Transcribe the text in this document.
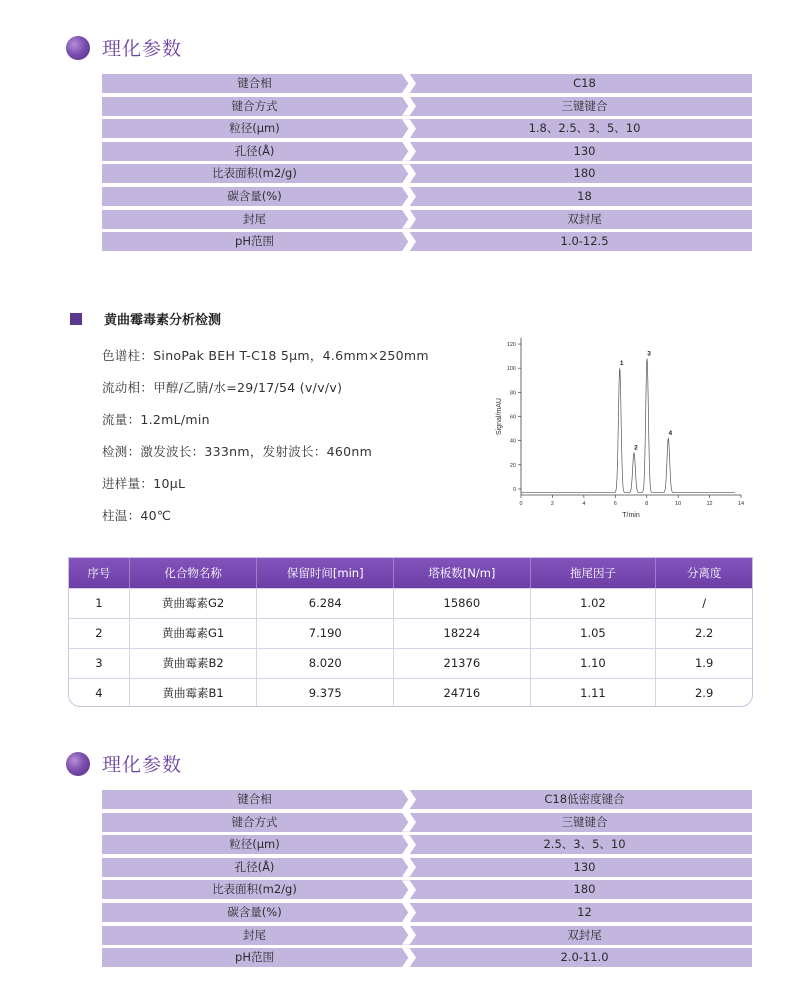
理化参数
键合相	C18
键合方式	三键键合
粒径(μm)	1.8、2.5、3、5、10
孔径(Å)	130
比表面积(m2/g)	180
碳含量(%)	18
封尾	双封尾
pH范围	1.0-12.5
黄曲霉毒素分析检测
色谱柱：SinoPak BEH T-C18 5μm，4.6mm×250mm
流动相：甲醇/乙腈/水=29/17/54 (v/v/v)
流量：1.2mL/min
检测：激发波长：333nm，发射波长：460nm
进样量：10μL
柱温：40℃
0
20
40
60
80
100
120
0	2	4	6	8	10	12	14
T/min
Signal/mAU
1
2
3
4
序号	化合物名称	保留时间[min]	塔板数[N/m]	拖尾因子	分离度
1	黄曲霉素G2	6.284	15860	1.02	/
2	黄曲霉素G1	7.190	18224	1.05	2.2
3	黄曲霉素B2	8.020	21376	1.10	1.9
4	黄曲霉素B1	9.375	24716	1.11	2.9
理化参数
键合相	C18低密度键合
键合方式	三键键合
粒径(μm)	2.5、3、5、10
孔径(Å)	130
比表面积(m2/g)	180
碳含量(%)	12
封尾	双封尾
pH范围	2.0-11.0
